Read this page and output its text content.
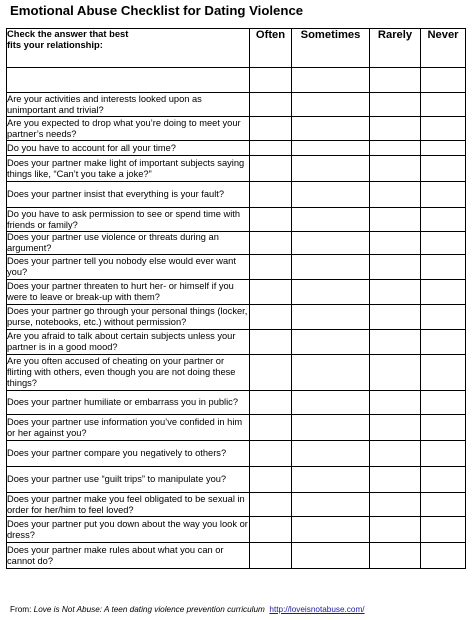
Emotional Abuse Checklist for Dating Violence
Check the answer that best
fits your relationship:	Often	Sometimes	Rarely	Never

Are your activities and interests looked upon as unimportant and trivial?				
Are you expected to drop what you’re doing to meet your partner’s needs?				
Do you have to account for all your time?				
Does your partner make light of important subjects saying things like, “Can’t you take a joke?”				
Does your partner insist that everything is your fault?				
Do you have to ask permission to see or spend time with friends or family?				
Does your partner use violence or threats during an argument?				
Does your partner tell you nobody else would ever want you?				
Does your partner threaten to hurt her- or himself if you were to leave or break-up with them?				
Does your partner go through your personal things (locker, purse, notebooks, etc.) without permission?				
Are you afraid to talk about certain subjects unless your partner is in a good mood?				
Are you often accused of cheating on your partner or flirting with others, even though you are not doing these things?				
Does your partner humiliate or embarrass you in public?				
Does your partner use information you’ve confided in him or her against you?				
Does your partner compare you negatively to others?				
Does your partner use “guilt trips” to manipulate you?				
Does your partner make you feel obligated to be sexual in order for her/him to feel loved?				
Does your partner put you down about the way you look or dress?				
Does your partner make rules about what you can or cannot do?				
From: Love is Not Abuse: A teen dating violence prevention curriculum http://loveisnotabuse.com/
